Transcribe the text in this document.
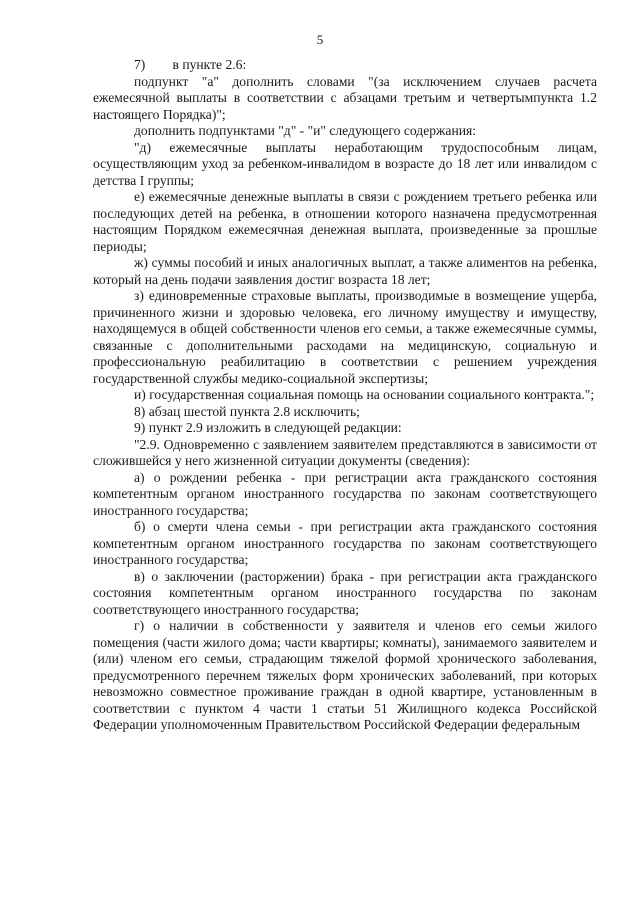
5

7)  в пункте 2.6:

подпункт "а" дополнить словами "(за исключением случаев расчета ежемесячной выплаты в соответствии с абзацами третьим и четвертымпункта 1.2 настоящего Порядка)";

дополнить подпунктами "д" - "и" следующего содержания:

"д) ежемесячные выплаты неработающим трудоспособным лицам, осуществляющим уход за ребенком-инвалидом в возрасте до 18 лет или инвалидом с детства I группы;

е) ежемесячные денежные выплаты в связи с рождением третьего ребенка или последующих детей на ребенка, в отношении которого назначена предусмотренная настоящим Порядком ежемесячная денежная выплата, произведенные за прошлые периоды;

ж) суммы пособий и иных аналогичных выплат, а также алиментов на ребенка, который на день подачи заявления достиг возраста 18 лет;

з) единовременные страховые выплаты, производимые в возмещение ущерба, причиненного жизни и здоровью человека, его личному имуществу и имуществу, находящемуся в общей собственности членов его семьи, а также ежемесячные суммы, связанные с дополнительными расходами на медицинскую, социальную и профессиональную реабилитацию в соответствии с решением учреждения государственной службы медико-социальной экспертизы;

и) государственная социальная помощь на основании социального контракта.";

8) абзац шестой пункта 2.8 исключить;

9) пункт 2.9 изложить в следующей редакции:

"2.9. Одновременно с заявлением заявителем представляются в зависимости от сложившейся у него жизненной ситуации документы (сведения):

а) о рождении ребенка - при регистрации акта гражданского состояния компетентным органом иностранного государства по законам соответствующего иностранного государства;

б) о смерти члена семьи - при регистрации акта гражданского состояния компетентным органом иностранного государства по законам соответствующего иностранного государства;

в) о заключении (расторжении) брака - при регистрации акта гражданского состояния компетентным органом иностранного государства по законам соответствующего иностранного государства;

г) о наличии в собственности у заявителя и членов его семьи жилого помещения (части жилого дома; части квартиры; комнаты), занимаемого заявителем и (или) членом его семьи, страдающим тяжелой формой хронического заболевания, предусмотренного перечнем тяжелых форм хронических заболеваний, при которых невозможно совместное проживание граждан в одной квартире, установленным в соответствии с пунктом 4 части 1 статьи 51 Жилищного кодекса Российской Федерации уполномоченным Правительством Российской Федерации федеральным
